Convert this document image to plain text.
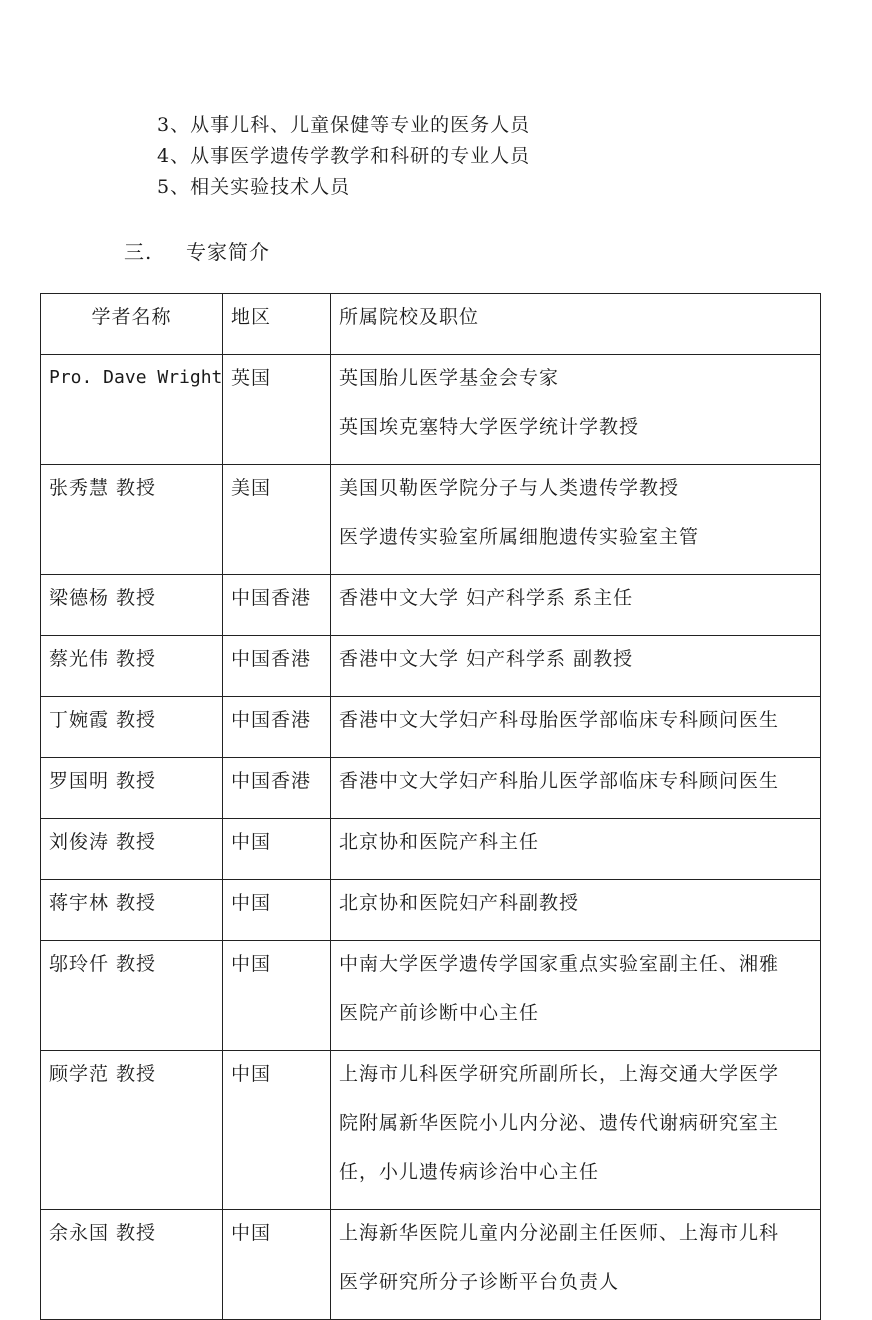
3、从事儿科、儿童保健等专业的医务人员
4、从事医学遗传学教学和科研的专业人员
5、相关实验技术人员
三. 专家简介
学者名称	地区	所属院校及职位

Pro. Dave Wright	英国	英国胎儿医学基金会专家
英国埃克塞特大学医学统计学教授

张秀慧 教授	美国	美国贝勒医学院分子与人类遗传学教授
医学遗传实验室所属细胞遗传实验室主管

梁德杨 教授	中国香港	香港中文大学 妇产科学系 系主任

蔡光伟 教授	中国香港	香港中文大学 妇产科学系 副教授

丁婉霞 教授	中国香港	香港中文大学妇产科母胎医学部临床专科顾问医生

罗国明 教授	中国香港	香港中文大学妇产科胎儿医学部临床专科顾问医生

刘俊涛 教授	中国	北京协和医院产科主任

蒋宇林 教授	中国	北京协和医院妇产科副教授

邬玲仟 教授	中国	中南大学医学遗传学国家重点实验室副主任、湘雅
医院产前诊断中心主任

顾学范 教授	中国	上海市儿科医学研究所副所长，上海交通大学医学
院附属新华医院小儿内分泌、遗传代谢病研究室主
任，小儿遗传病诊治中心主任

余永国 教授	中国	上海新华医院儿童内分泌副主任医师、上海市儿科
医学研究所分子诊断平台负责人
